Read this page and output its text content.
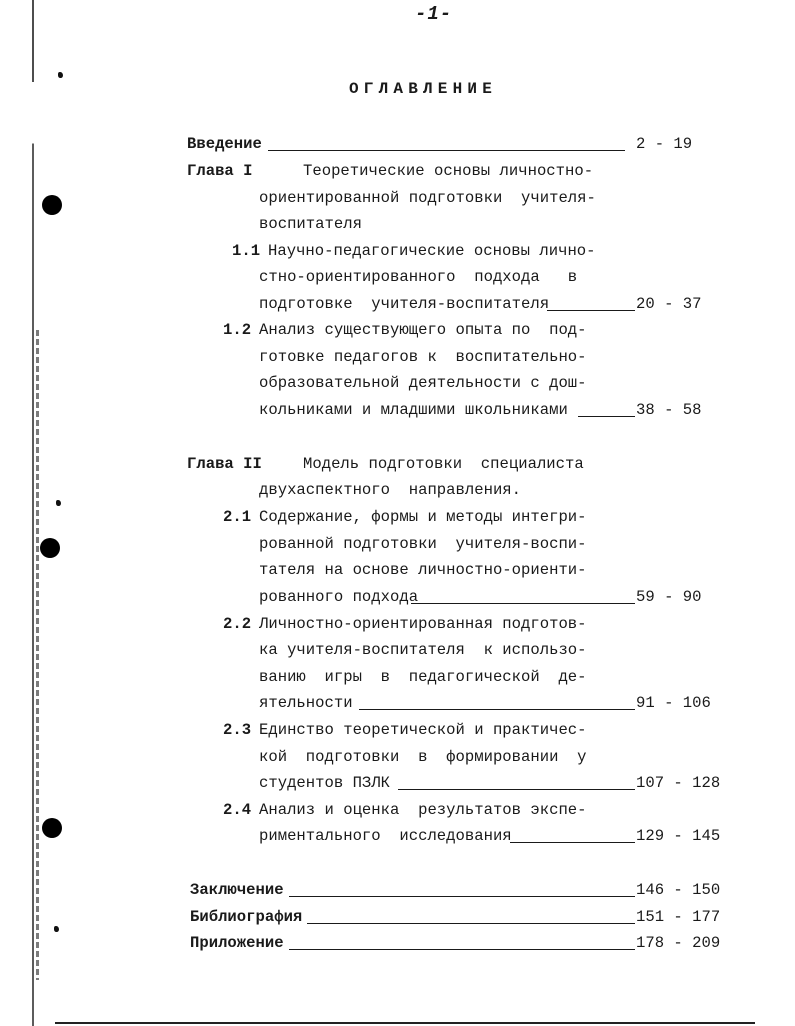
-1-
ОГЛАВЛЕНИЕ
Введение	2 - 19
Глава I	Теоретические основы личностно-
ориентированной подготовки  учителя-
воспитателя
1.1 Научно-педагогические основы лично-
стно-ориентированного  подхода   в
подготовке  учителя-воспитателя	20 - 37
1.2 Анализ существующего опыта по  под-
готовке педагогов к  воспитательно-
образовательной деятельности с дош-
кольниками и младшими школьниками	38 - 58
Глава II	Модель подготовки  специалиста
двухаспектного  направления.
2.1 Содержание, формы и методы интегри-
рованной подготовки  учителя-воспи-
тателя на основе личностно-ориенти-
рованного подхода	59 - 90
2.2 Личностно-ориентированная подготов-
ка учителя-воспитателя  к использо-
ванию  игры  в  педагогической  де-
ятельности	91 - 106
2.3 Единство теоретической и практичес-
кой  подготовки  в  формировании  у
студентов ПЗЛК	107 - 128
2.4 Анализ и оценка  результатов экспе-
риментального  исследования	129 - 145
Заключение	146 - 150
Библиография	151 - 177
Приложение	178 - 209
